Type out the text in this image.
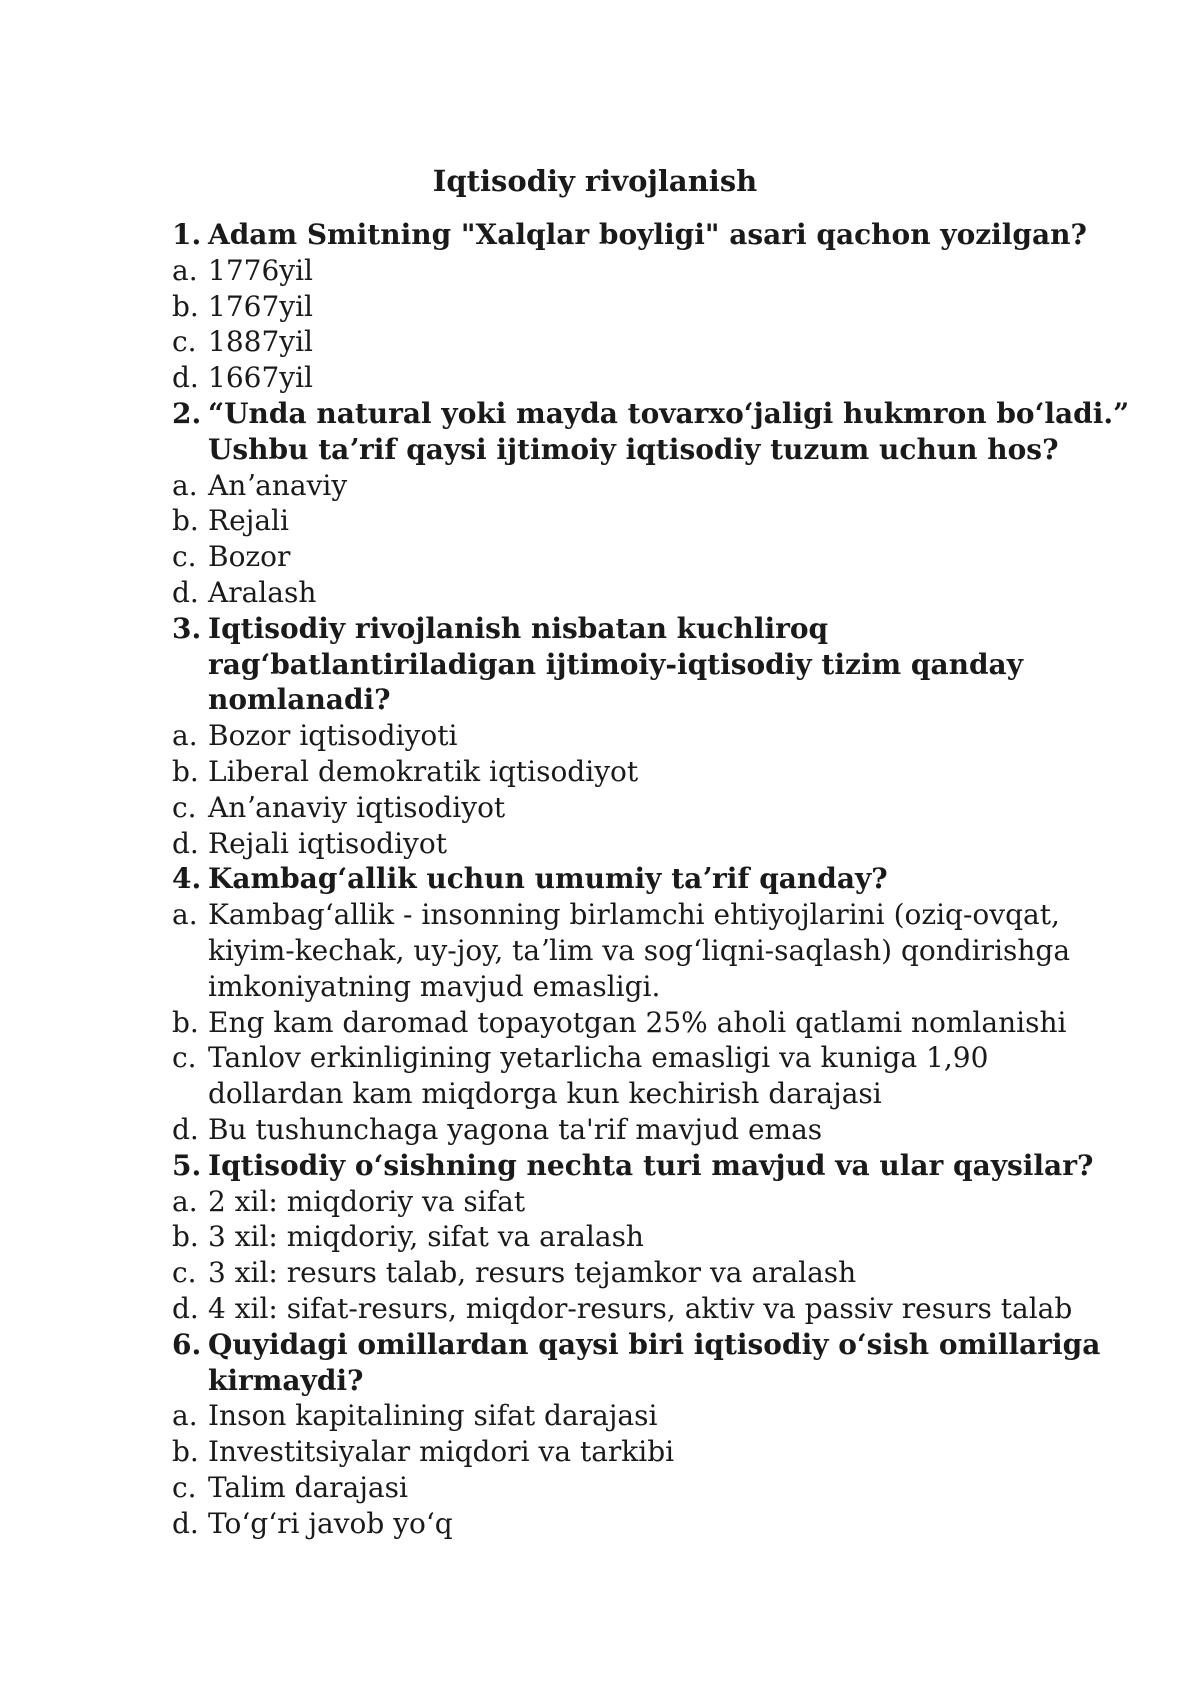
Iqtisodiy rivojlanish
1. Adam Smitning "Xalqlar boyligi" asari qachon yozilgan?
a. 1776yil
b. 1767yil
c. 1887yil
d. 1667yil
2. “Unda natural yoki mayda tovarxoʻjaligi hukmron boʻladi.” Ushbu taʼrif qaysi ijtimoiy iqtisodiy tuzum uchun hos?
a. Anʼanaviy
b. Rejali
c. Bozor
d. Aralash
3. Iqtisodiy rivojlanish nisbatan kuchliroq ragʻbatlantiriladigan ijtimoiy-iqtisodiy tizim qanday nomlanadi?
a. Bozor iqtisodiyoti
b. Liberal demokratik iqtisodiyot
c. Anʼanaviy iqtisodiyot
d. Rejali iqtisodiyot
4. Kambagʻallik uchun umumiy taʼrif qanday?
a. Kambagʻallik - insonning birlamchi ehtiyojlarini (oziq-ovqat, kiyim-kechak, uy-joy, taʼlim va sogʻliqni-saqlash) qondirishga imkoniyatning mavjud emasligi.
b. Eng kam daromad topayotgan 25% aholi qatlami nomlanishi
c. Tanlov erkinligining yetarlicha emasligi va kuniga 1,90 dollardan kam miqdorga kun kechirish darajasi
d. Bu tushunchaga yagona ta'rif mavjud emas
5. Iqtisodiy oʻsishning nechta turi mavjud va ular qaysilar?
a. 2 xil: miqdoriy va sifat
b. 3 xil: miqdoriy, sifat va aralash
c. 3 xil: resurs talab, resurs tejamkor va aralash
d. 4 xil: sifat-resurs, miqdor-resurs, aktiv va passiv resurs talab
6. Quyidagi omillardan qaysi biri iqtisodiy oʻsish omillariga kirmaydi?
a. Inson kapitalining sifat darajasi
b. Investitsiyalar miqdori va tarkibi
c. Talim darajasi
d. Toʻgʻri javob yoʻq
